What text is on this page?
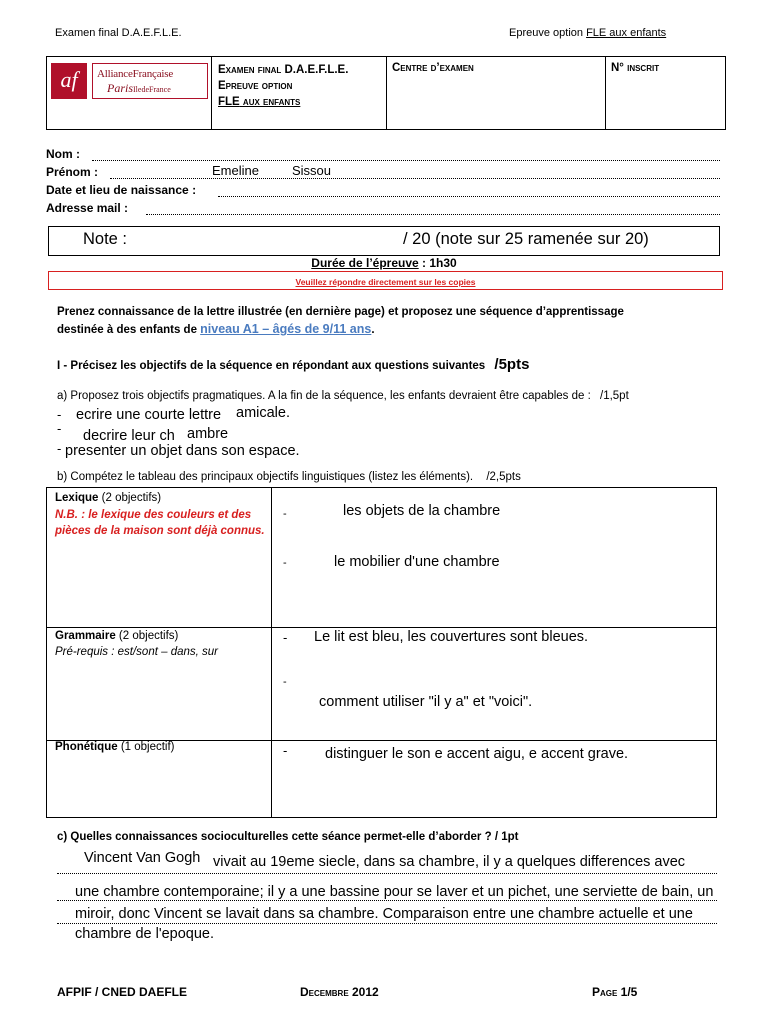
Examen final D.A.E.F.L.E.	Epreuve option FLE aux enfants
af	AllianceFrançaise
ParisIledeFrance
Examen final D.A.E.F.L.E.
Epreuve option
FLE aux enfants
Centre d’examen	N° inscrit
Nom :
Prénom :	Emeline	Sissou
Date et lieu de naissance :
Adresse mail :
Note :	/ 20 (note sur 25 ramenée sur 20)
Durée de l’épreuve : 1h30
Veuillez répondre directement sur les copies
Prenez connaissance de la lettre illustrée (en dernière page) et proposez une séquence d’apprentissage
destinée à des enfants de niveau A1 – âgés de 9/11 ans.
I - Précisez les objectifs de la séquence en répondant aux questions suivantes /5pts
a) Proposez trois objectifs pragmatiques. A la fin de la séquence, les enfants devraient être capables de : /1,5pt
- ecrire une courte lettre amicale.
- decrire leur ch ambre
- presenter un objet dans son espace.
b) Compétez le tableau des principaux objectifs linguistiques (listez les éléments). /2,5pts
Lexique (2 objectifs)
N.B. : le lexique des couleurs et des pièces de la maison sont déjà connus.
-	les objets de la chambre
-	le mobilier d'une chambre
Grammaire (2 objectifs)
Pré-requis : est/sont – dans, sur
- Le lit est bleu, les couvertures sont bleues.
-
comment utiliser "il y a" et "voici".
Phonétique (1 objectif)	-	distinguer le son e accent aigu, e accent grave.
c) Quelles connaissances socioculturelles cette séance permet-elle d’aborder ? / 1pt
Vincent Van Gogh vivait au 19eme siecle, dans sa chambre, il y a quelques differences avec
une chambre contemporaine; il y a une bassine pour se laver et un pichet, une serviette de bain, un
miroir, donc Vincent se lavait dans sa chambre. Comparaison entre une chambre actuelle et une
chambre de l'epoque.
AFPIF / CNED DAEFLE	Decembre 2012	Page 1/5
